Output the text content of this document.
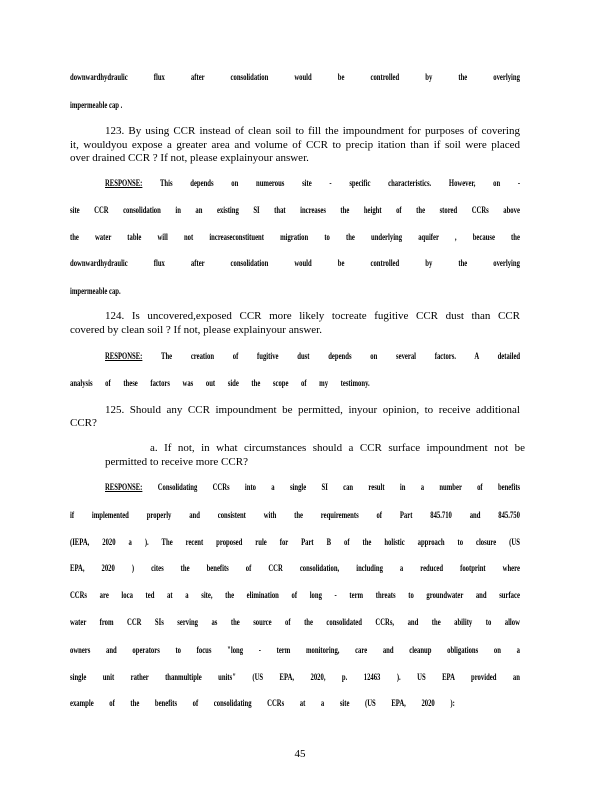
downwardhydraulic flux after consolidation would be controlled by the overlying
impermeable cap .
123. By using CCR instead of clean soil to fill the impoundment for purposes of covering
it, wouldyou expose a greater area and volume of CCR to precip itation than if soil were placed
over drained CCR ? If not, please explainyour answer.
RESPONSE: This depends on numerous site - specific characteristics. However, on -
site CCR consolidation in an existing SI that increases the height of the stored CCRs above
the water table will not increaseconstituent migration to the underlying aquifer , because the
downwardhydraulic flux after consolidation would be controlled by the overlying
impermeable cap.
124. Is uncovered,exposed CCR more likely tocreate fugitive CCR dust than CCR
covered by clean soil ? If not, please explainyour answer.
RESPONSE: The creation of fugitive dust depends on several factors. A detailed
analysis of these factors was out side the scope of my testimony.
125. Should any CCR impoundment be permitted, inyour opinion, to receive additional
CCR?
a. If not, in what circumstances should a CCR surface impoundment not be
permitted to receive more CCR?
RESPONSE: Consolidating CCRs into a single SI can result in a number of benefits
if implemented properly and consistent with the requirements of Part 845.710 and 845.750
(IEPA, 2020 a ). The recent proposed rule for Part B of the holistic approach to closure (US
EPA, 2020 ) cites the benefits of CCR consolidation, including a reduced footprint where
CCRs are loca ted at a site, the elimination of long - term threats to groundwater and surface
water from CCR SIs serving as the source of the consolidated CCRs, and the ability to allow
owners and operators to focus "long - term monitoring, care and cleanup obligations on a
single unit rather thanmultiple units" (US EPA, 2020, p. 12463 ). US EPA provided an
example of the benefits of consolidating CCRs at a site (US EPA, 2020 ):
45
